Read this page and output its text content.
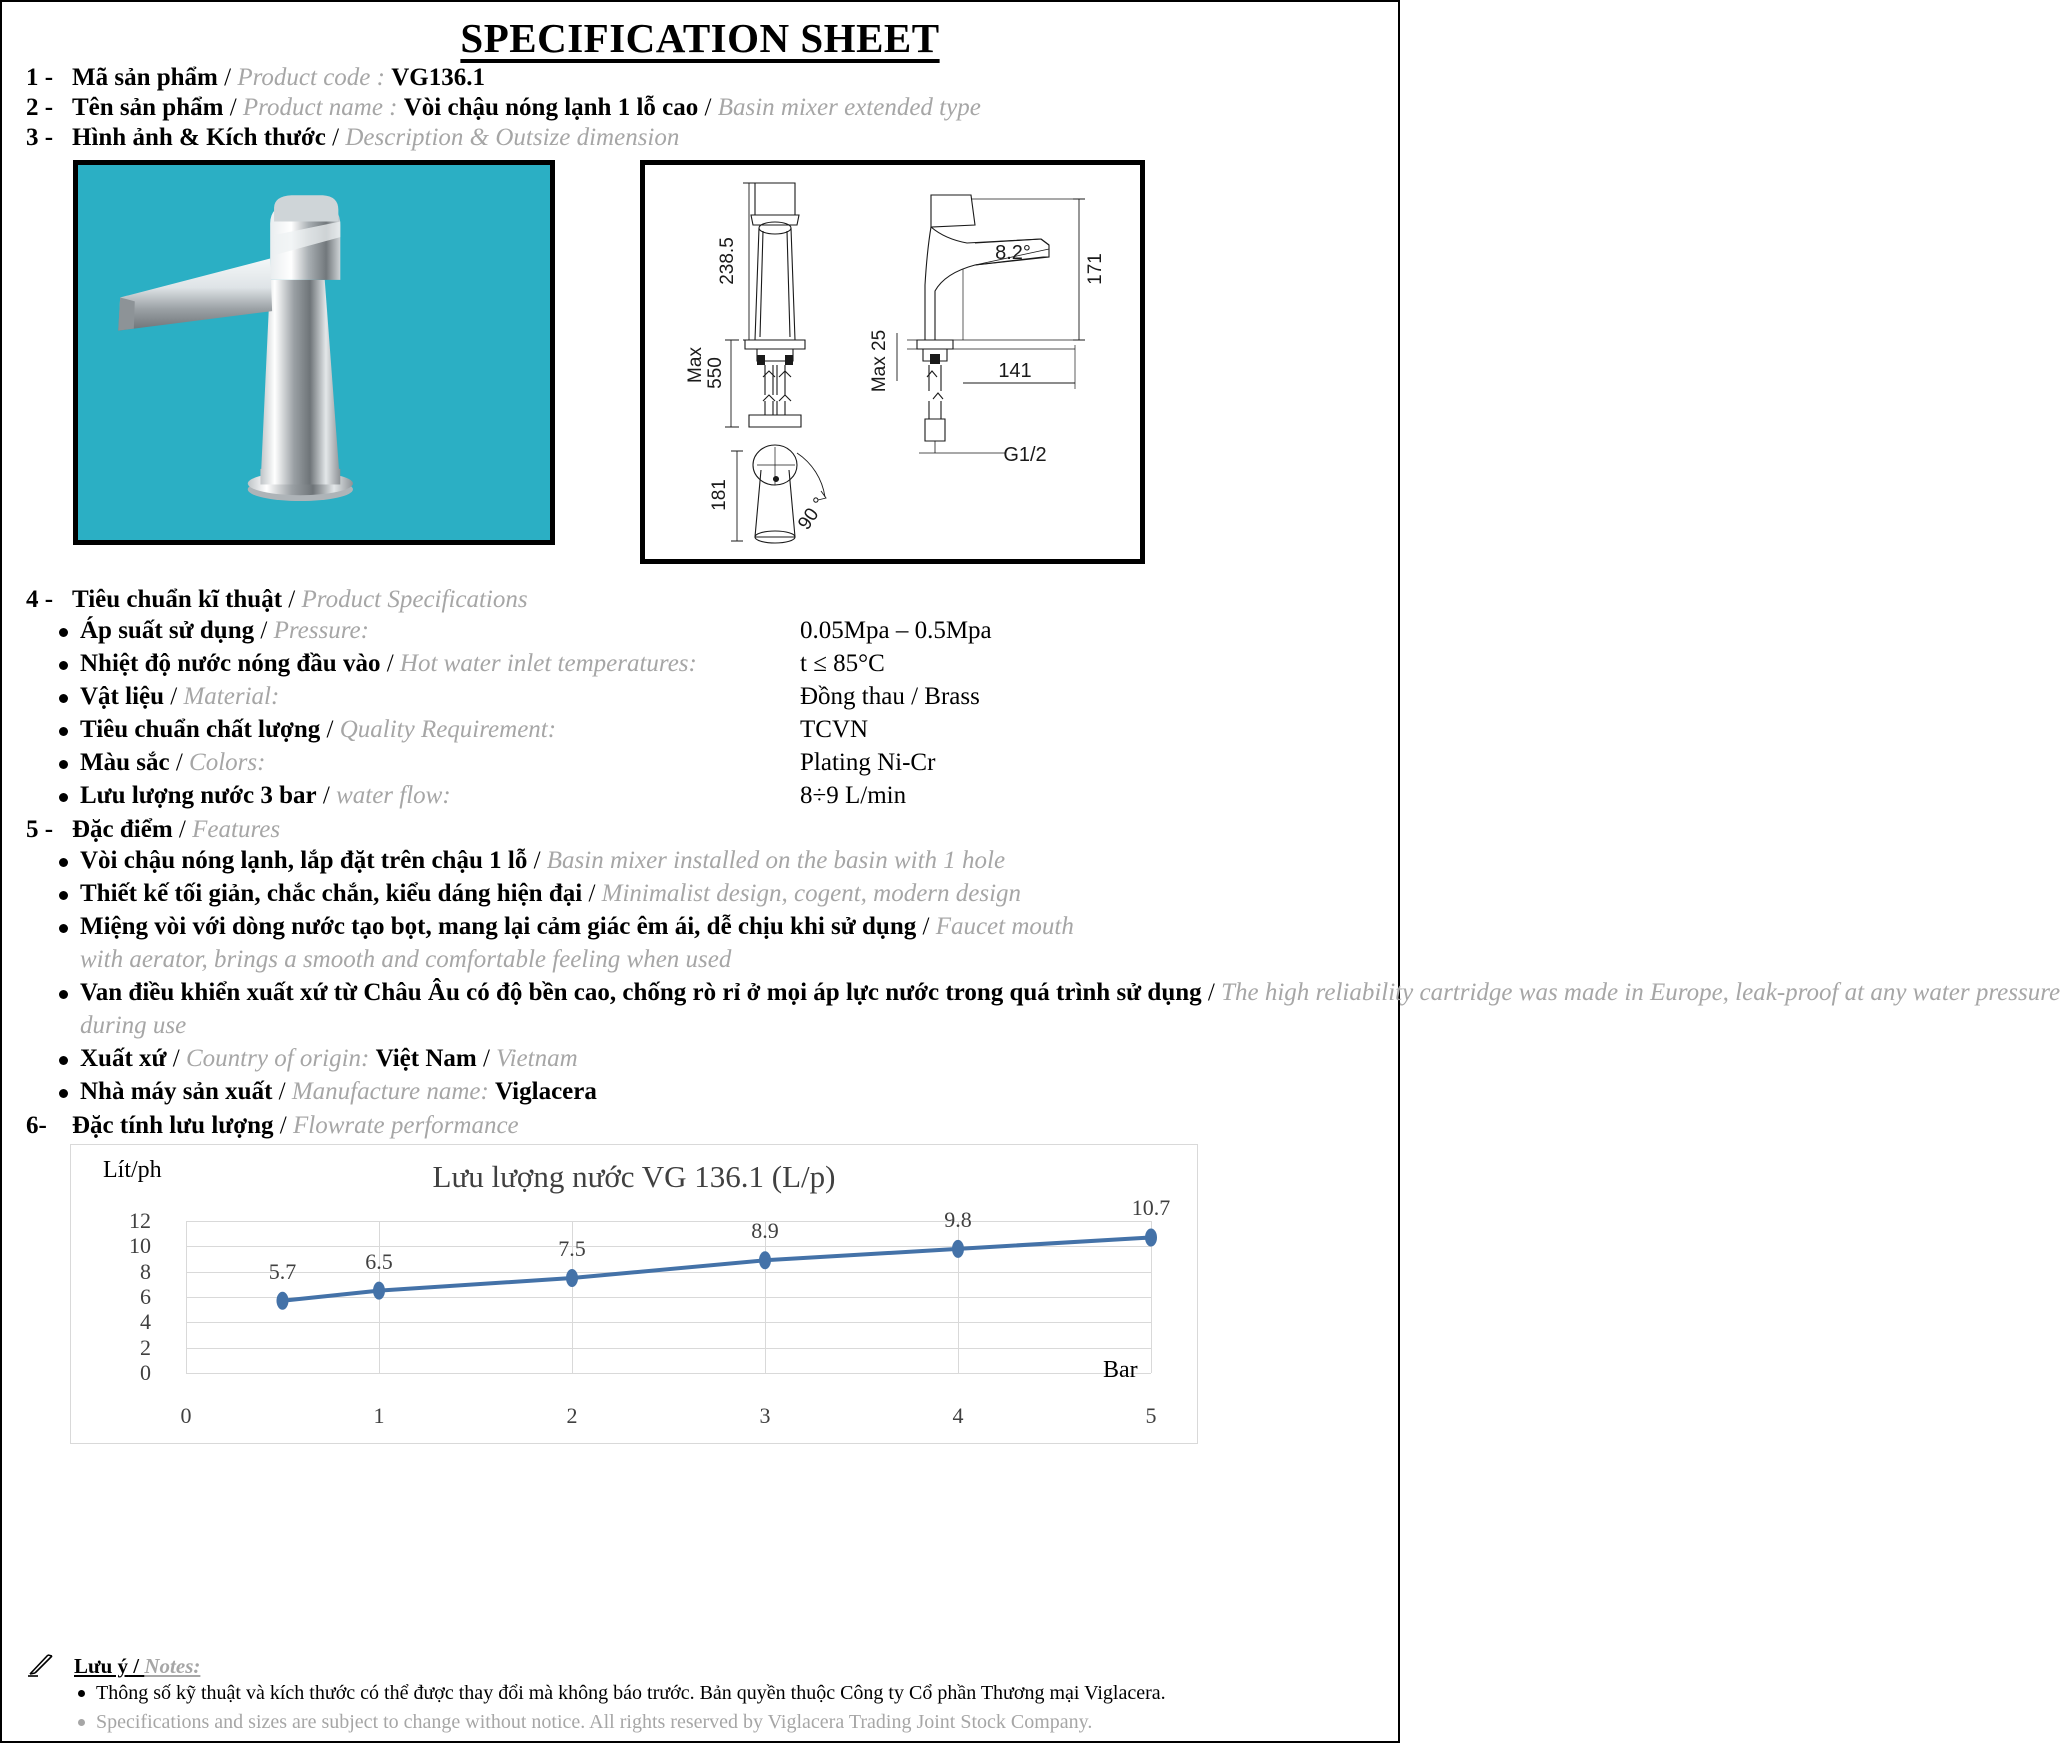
SPECIFICATION SHEET
1 - Mã sản phẩm / Product code : VG136.1
2 - Tên sản phẩm / Product name : Vòi chậu nóng lạnh 1 lỗ cao / Basin mixer extended type
3 - Hình ảnh & Kích thước / Description & Outsize dimension
238.5
Max 550
181	90 °
8.2°
171
Max 25	141
G1/2
4 - Tiêu chuẩn kĩ thuật / Product Specifications
Áp suất sử dụng / Pressure:	0.05Mpa – 0.5Mpa
Nhiệt độ nước nóng đầu vào / Hot water inlet temperatures:	t ≤ 85°C
Vật liệu / Material:	Đồng thau / Brass
Tiêu chuẩn chất lượng / Quality Requirement:	TCVN
Màu sắc / Colors:	Plating Ni-Cr
Lưu lượng nước 3 bar / water flow:	8÷9 L/min
5 - Đặc điểm / Features
Vòi chậu nóng lạnh, lắp đặt trên chậu 1 lỗ / Basin mixer installed on the basin with 1 hole
Thiết kế tối giản, chắc chắn, kiểu dáng hiện đại / Minimalist design, cogent, modern design
Miệng vòi với dòng nước tạo bọt, mang lại cảm giác êm ái, dễ chịu khi sử dụng / Faucet mouth
with aerator, brings a smooth and comfortable feeling when used
Van điều khiển xuất xứ từ Châu Âu có độ bền cao, chống rò rỉ ở mọi áp lực nước trong quá trình sử dụng / The high reliability cartridge was made in Europe, leak-proof at any water pressure
during use
Xuất xứ / Country of origin: Việt Nam / Vietnam
Nhà máy sản xuất / Manufacture name: Viglacera
6-	Đặc tính lưu lượng / Flowrate performance
Lít/ph	Lưu lượng nước VG 136.1 (L/p)
0
2
4
6
8
10
12
0	1	2	3	4	5
5.7	6.5
7.5
8.9	9.8	10.7
Bar
Lưu ý / Notes:
Thông số kỹ thuật và kích thước có thể được thay đổi mà không báo trước. Bản quyền thuộc Công ty Cổ phần Thương mại Viglacera.
Specifications and sizes are subject to change without notice. All rights reserved by Viglacera Trading Joint Stock Company.
